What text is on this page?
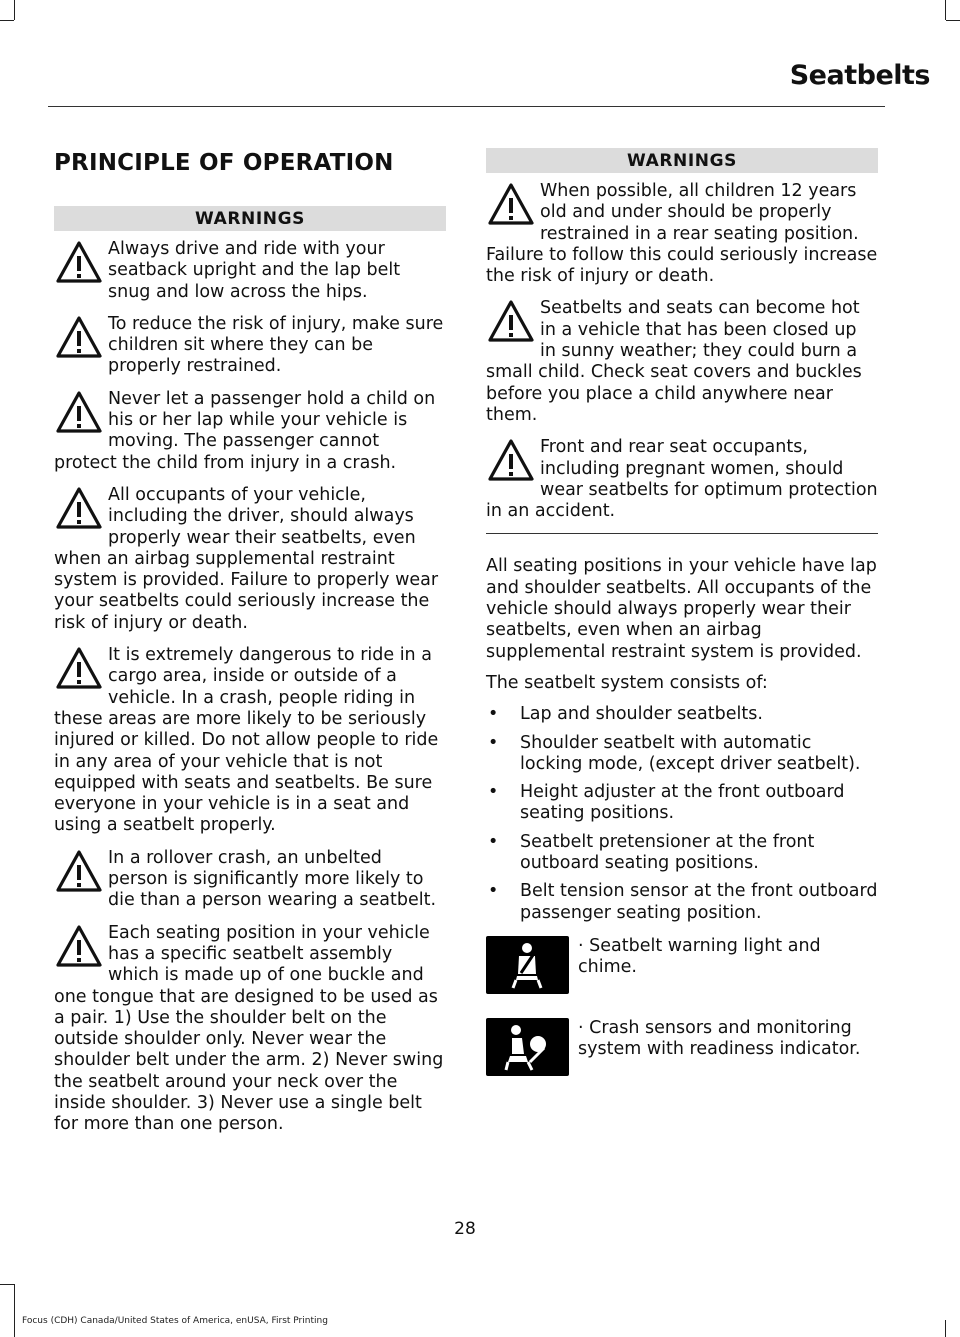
Seatbelts
PRINCIPLE OF OPERATION
WARNINGS
Always drive and ride with your seatback upright and the lap belt snug and low across the hips.
To reduce the risk of injury, make sure children sit where they can be properly restrained.
Never let a passenger hold a child on his or her lap while your vehicle is moving. The passenger cannot protect the child from injury in a crash.
All occupants of your vehicle, including the driver, should always properly wear their seatbelts, even when an airbag supplemental restraint system is provided. Failure to properly wear your seatbelts could seriously increase the risk of injury or death.
It is extremely dangerous to ride in a cargo area, inside or outside of a vehicle. In a crash, people riding in these areas are more likely to be seriously injured or killed. Do not allow people to ride in any area of your vehicle that is not equipped with seats and seatbelts. Be sure everyone in your vehicle is in a seat and using a seatbelt properly.
In a rollover crash, an unbelted person is significantly more likely to die than a person wearing a seatbelt.
Each seating position in your vehicle has a specific seatbelt assembly which is made up of one buckle and one tongue that are designed to be used as a pair. 1) Use the shoulder belt on the outside shoulder only. Never wear the shoulder belt under the arm. 2) Never swing the seatbelt around your neck over the inside shoulder. 3) Never use a single belt for more than one person.
WARNINGS
When possible, all children 12 years old and under should be properly restrained in a rear seating position. Failure to follow this could seriously increase the risk of injury or death.
Seatbelts and seats can become hot in a vehicle that has been closed up in sunny weather; they could burn a small child. Check seat covers and buckles before you place a child anywhere near them.
Front and rear seat occupants, including pregnant women, should wear seatbelts for optimum protection in an accident.

All seating positions in your vehicle have lap and shoulder seatbelts. All occupants of the vehicle should always properly wear their seatbelts, even when an airbag supplemental restraint system is provided.

The seatbelt system consists of:

• Lap and shoulder seatbelts.
• Shoulder seatbelt with automatic locking mode, (except driver seatbelt).
• Height adjuster at the front outboard seating positions.
• Seatbelt pretensioner at the front outboard seating positions.
• Belt tension sensor at the front outboard passenger seating position.
· Seatbelt warning light and chime.
· Crash sensors and monitoring system with readiness indicator.
28
Focus (CDH) Canada/United States of America, enUSA, First Printing
